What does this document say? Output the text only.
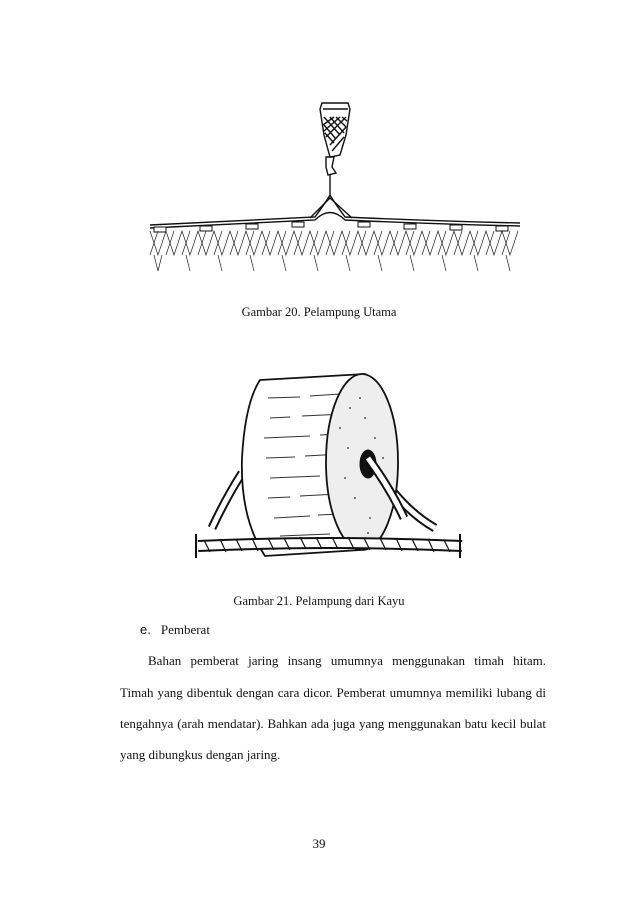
Gambar 20. Pelampung Utama
Gambar 21. Pelampung dari Kayu
e. Pemberat
Bahan pemberat jaring insang umumnya menggunakan timah hitam.
Timah yang dibentuk dengan cara dicor. Pemberat umumnya memiliki lubang di
tengahnya (arah mendatar). Bahkan ada juga yang menggunakan batu kecil bulat
yang dibungkus dengan jaring.
39
